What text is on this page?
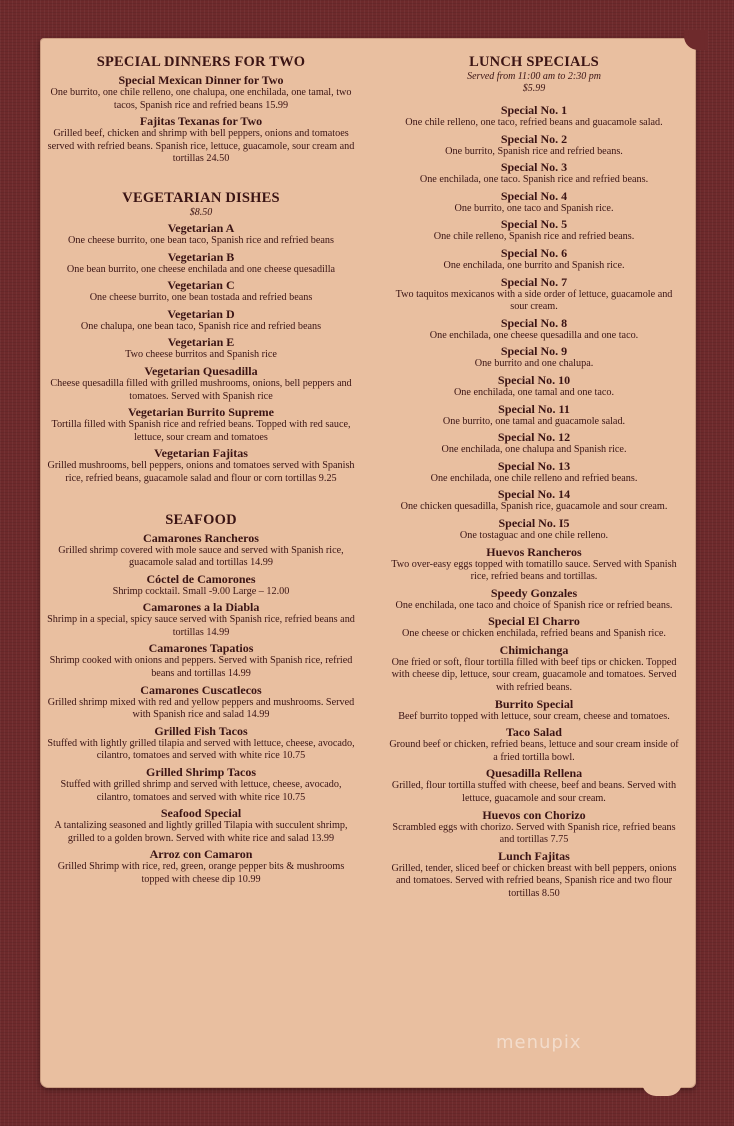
SPECIAL DINNERS FOR TWO
Special Mexican Dinner for Two
One burrito, one chile relleno, one chalupa, one enchilada, one tamal, two tacos, Spanish rice and refried beans 15.99
Fajitas Texanas for Two
Grilled beef, chicken and shrimp with bell peppers, onions and tomatoes served with refried beans. Spanish rice, lettuce, guacamole, sour cream and tortillas 24.50
VEGETARIAN DISHES
$8.50
Vegetarian A
One cheese burrito, one bean taco, Spanish rice and refried beans
Vegetarian B
One bean burrito, one cheese enchilada and one cheese quesadilla
Vegetarian C
One cheese burrito, one bean tostada and refried beans
Vegetarian D
One chalupa, one bean taco, Spanish rice and refried beans
Vegetarian E
Two cheese burritos and Spanish rice
Vegetarian Quesadilla
Cheese quesadilla filled with grilled mushrooms, onions, bell peppers and tomatoes. Served with Spanish rice
Vegetarian Burrito Supreme
Tortilla filled with Spanish rice and refried beans. Topped with red sauce, lettuce, sour cream and tomatoes
Vegetarian Fajitas
Grilled mushrooms, bell peppers, onions and tomatoes served with Spanish rice, refried beans, guacamole salad and flour or corn tortillas 9.25
SEAFOOD
Camarones Rancheros
Grilled shrimp covered with mole sauce and served with Spanish rice, guacamole salad and tortillas 14.99
Cóctel de Camorones
Shrimp cocktail. Small -9.00 Large – 12.00
Camarones a la Diabla
Shrimp in a special, spicy sauce served with Spanish rice, refried beans and tortillas 14.99
Camarones Tapatios
Shrimp cooked with onions and peppers. Served with Spanish rice, refried beans and tortillas 14.99
Camarones Cuscatlecos
Grilled shrimp mixed with red and yellow peppers and mushrooms. Served with Spanish rice and salad 14.99
Grilled Fish Tacos
Stuffed with lightly grilled tilapia and served with lettuce, cheese, avocado, cilantro, tomatoes and served with white rice 10.75
Grilled Shrimp Tacos
Stuffed with grilled shrimp and served with lettuce, cheese, avocado, cilantro, tomatoes and served with white rice 10.75
Seafood Special
A tantalizing seasoned and lightly grilled Tilapia with succulent shrimp, grilled to a golden brown. Served with white rice and salad 13.99
Arroz con Camaron
Grilled Shrimp with rice, red, green, orange pepper bits & mushrooms topped with cheese dip 10.99
LUNCH SPECIALS
Served from 11:00 am to 2:30 pm
$5.99
Special No. 1
One chile relleno, one taco, refried beans and guacamole salad.
Special No. 2
One burrito, Spanish rice and refried beans.
Special No. 3
One enchilada, one taco. Spanish rice and refried beans.
Special No. 4
One burrito, one taco and Spanish rice.
Special No. 5
One chile relleno, Spanish rice and refried beans.
Special No. 6
One enchilada, one burrito and Spanish rice.
Special No. 7
Two taquitos mexicanos with a side order of lettuce, guacamole and sour cream.
Special No. 8
One enchilada, one cheese quesadilla and one taco.
Special No. 9
One burrito and one chalupa.
Special No. 10
One enchilada, one tamal and one taco.
Special No. 11
One burrito, one tamal and guacamole salad.
Special No. 12
One enchilada, one chalupa and Spanish rice.
Special No. 13
One enchilada, one chile relleno and refried beans.
Special No. 14
One chicken quesadilla, Spanish rice, guacamole and sour cream.
Special No. I5
One tostaguac and one chile relleno.
Huevos Rancheros
Two over-easy eggs topped with tomatillo sauce. Served with Spanish rice, refried beans and tortillas.
Speedy Gonzales
One enchilada, one taco and choice of Spanish rice or refried beans.
Special El Charro
One cheese or chicken enchilada, refried beans and Spanish rice.
Chimichanga
One fried or soft, flour tortilla filled with beef tips or chicken. Topped with cheese dip, lettuce, sour cream, guacamole and tomatoes. Served with refried beans.
Burrito Special
Beef burrito topped with lettuce, sour cream, cheese and tomatoes.
Taco Salad
Ground beef or chicken, refried beans, lettuce and sour cream inside of a fried tortilla bowl.
Quesadilla Rellena
Grilled, flour tortilla stuffed with cheese, beef and beans. Served with lettuce, guacamole and sour cream.
Huevos con Chorizo
Scrambled eggs with chorizo. Served with Spanish rice, refried beans and tortillas 7.75
Lunch Fajitas
Grilled, tender, sliced beef or chicken breast with bell peppers, onions and tomatoes. Served with refried beans, Spanish rice and two flour tortillas 8.50
menupix
